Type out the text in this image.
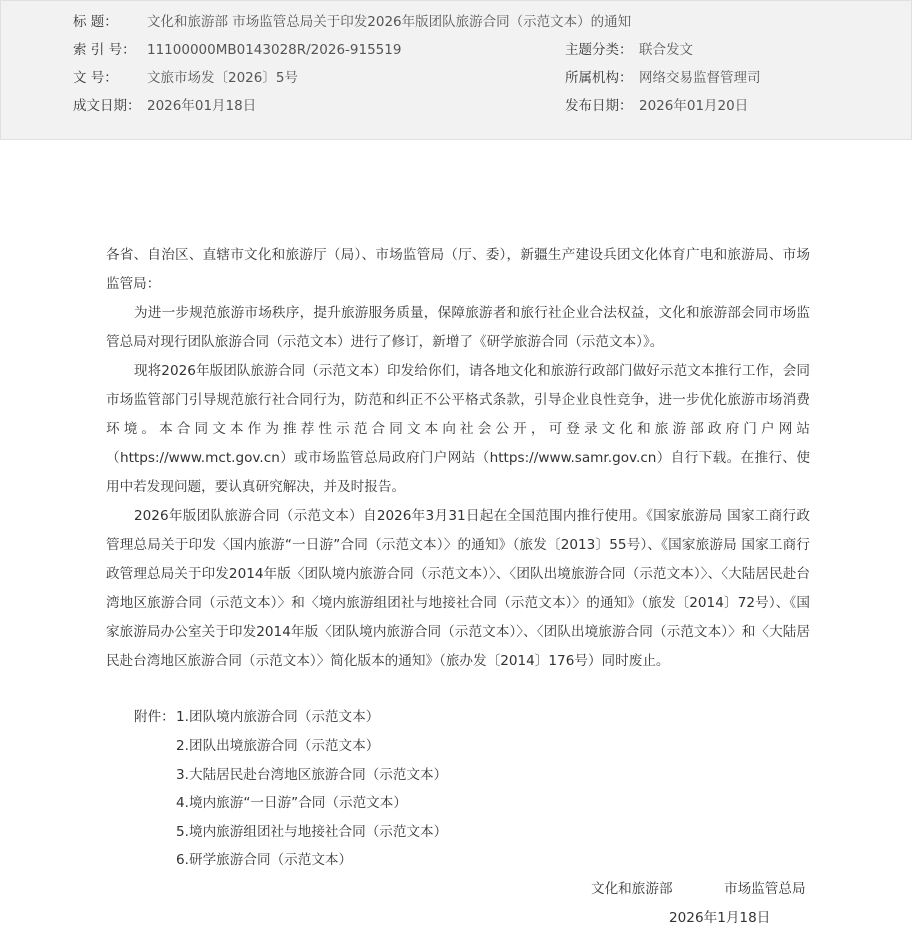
标 题： 文化和旅游部 市场监管总局关于印发2026年版团队旅游合同（示范文本）的通知
索 引 号： 11100000MB0143028R/2026-915519	主题分类： 联合发文
文 号： 文旅市场发〔2026〕5号	所属机构： 网络交易监督管理司
成文日期： 2026年01月18日	发布日期： 2026年01月20日

各省、自治区、直辖市文化和旅游厅（局）、市场监管局（厅、委），新疆生产建设兵团文化体育广电和旅游局、市场监管局：

为进一步规范旅游市场秩序，提升旅游服务质量，保障旅游者和旅行社企业合法权益，文化和旅游部会同市场监管总局对现行团队旅游合同（示范文本）进行了修订，新增了《研学旅游合同（示范文本）》。

现将2026年版团队旅游合同（示范文本）印发给你们，请各地文化和旅游行政部门做好示范文本推行工作，会同市场监管部门引导规范旅行社合同行为，防范和纠正不公平格式条款，引导企业良性竞争，进一步优化旅游市场消费环境。本合同文本作为推荐性示范合同文本向社会公开，可登录文化和旅游部政府门户网站（https://www.mct.gov.cn）或市场监管总局政府门户网站（https://www.samr.gov.cn）自行下载。在推行、使用中若发现问题，要认真研究解决，并及时报告。

2026年版团队旅游合同（示范文本）自2026年3月31日起在全国范围内推行使用。《国家旅游局 国家工商行政管理总局关于印发〈国内旅游“一日游”合同（示范文本）〉的通知》（旅发〔2013〕55号）、《国家旅游局 国家工商行政管理总局关于印发2014年版〈团队境内旅游合同（示范文本）〉、〈团队出境旅游合同（示范文本）〉、〈大陆居民赴台湾地区旅游合同（示范文本）〉和〈境内旅游组团社与地接社合同（示范文本）〉的通知》（旅发〔2014〕72号）、《国家旅游局办公室关于印发2014年版〈团队境内旅游合同（示范文本）〉、〈团队出境旅游合同（示范文本）〉和〈大陆居民赴台湾地区旅游合同（示范文本）〉简化版本的通知》（旅办发〔2014〕176号）同时废止。

附件： 1.团队境内旅游合同（示范文本）
2.团队出境旅游合同（示范文本）
3.大陆居民赴台湾地区旅游合同（示范文本）
4.境内旅游“一日游”合同（示范文本）
5.境内旅游组团社与地接社合同（示范文本）
6.研学旅游合同（示范文本）
文化和旅游部	市场监管总局
2026年1月18日
